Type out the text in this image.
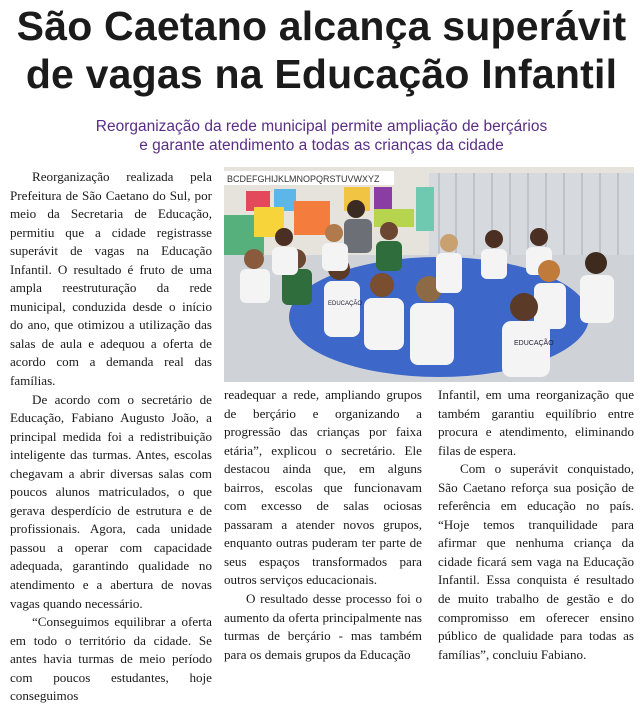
São Caetano alcança superávit
de vagas na Educação Infantil
Reorganização da rede municipal permite ampliação de berçários
e garante atendimento a todas as crianças da cidade
BCDEFGHIJKLMNOPQRSTUVWXYZ
EDUCAÇÃO
EDUCAÇÃO

Reorganização realizada pela Prefeitura de São Caetano do Sul, por meio da Secretaria de Educação, permitiu que a cidade registrasse superávit de vagas na Educação Infantil. O resultado é fruto de uma ampla reestruturação da rede municipal, conduzida desde o início do ano, que otimizou a utilização das salas de aula e adequou a oferta de acordo com a demanda real das famílias.

De acordo com o secretário de Educação, Fabiano Augusto João, a principal medida foi a redistribuição inteligente das turmas. Antes, escolas chegavam a abrir diversas salas com poucos alunos matriculados, o que gerava desperdício de estrutura e de profissionais. Agora, cada unidade passou a operar com capacidade adequada, garantindo qualidade no atendimento e a abertura de novas vagas quando necessário.

“Conseguimos equilibrar a oferta em todo o território da cidade. Se antes havia turmas de meio período com poucos estudantes, hoje conseguimos

readequar a rede, ampliando grupos de berçário e organizando a progressão das crianças por faixa etária”, explicou o secretário. Ele destacou ainda que, em alguns bairros, escolas que funcionavam com excesso de salas ociosas passaram a atender novos grupos, enquanto outras puderam ter parte de seus espaços transformados para outros serviços educacionais.

O resultado desse processo foi o aumento da oferta principalmente nas turmas de berçário - mas também para os demais grupos da Educação

Infantil, em uma reorganização que também garantiu equilíbrio entre procura e atendimento, eliminando filas de espera.

Com o superávit conquistado, São Caetano reforça sua posição de referência em educação no país. “Hoje temos tranquilidade para afirmar que nenhuma criança da cidade ficará sem vaga na Educação Infantil. Essa conquista é resultado de muito trabalho de gestão e do compromisso em oferecer ensino público de qualidade para todas as famílias”, concluiu Fabiano.
